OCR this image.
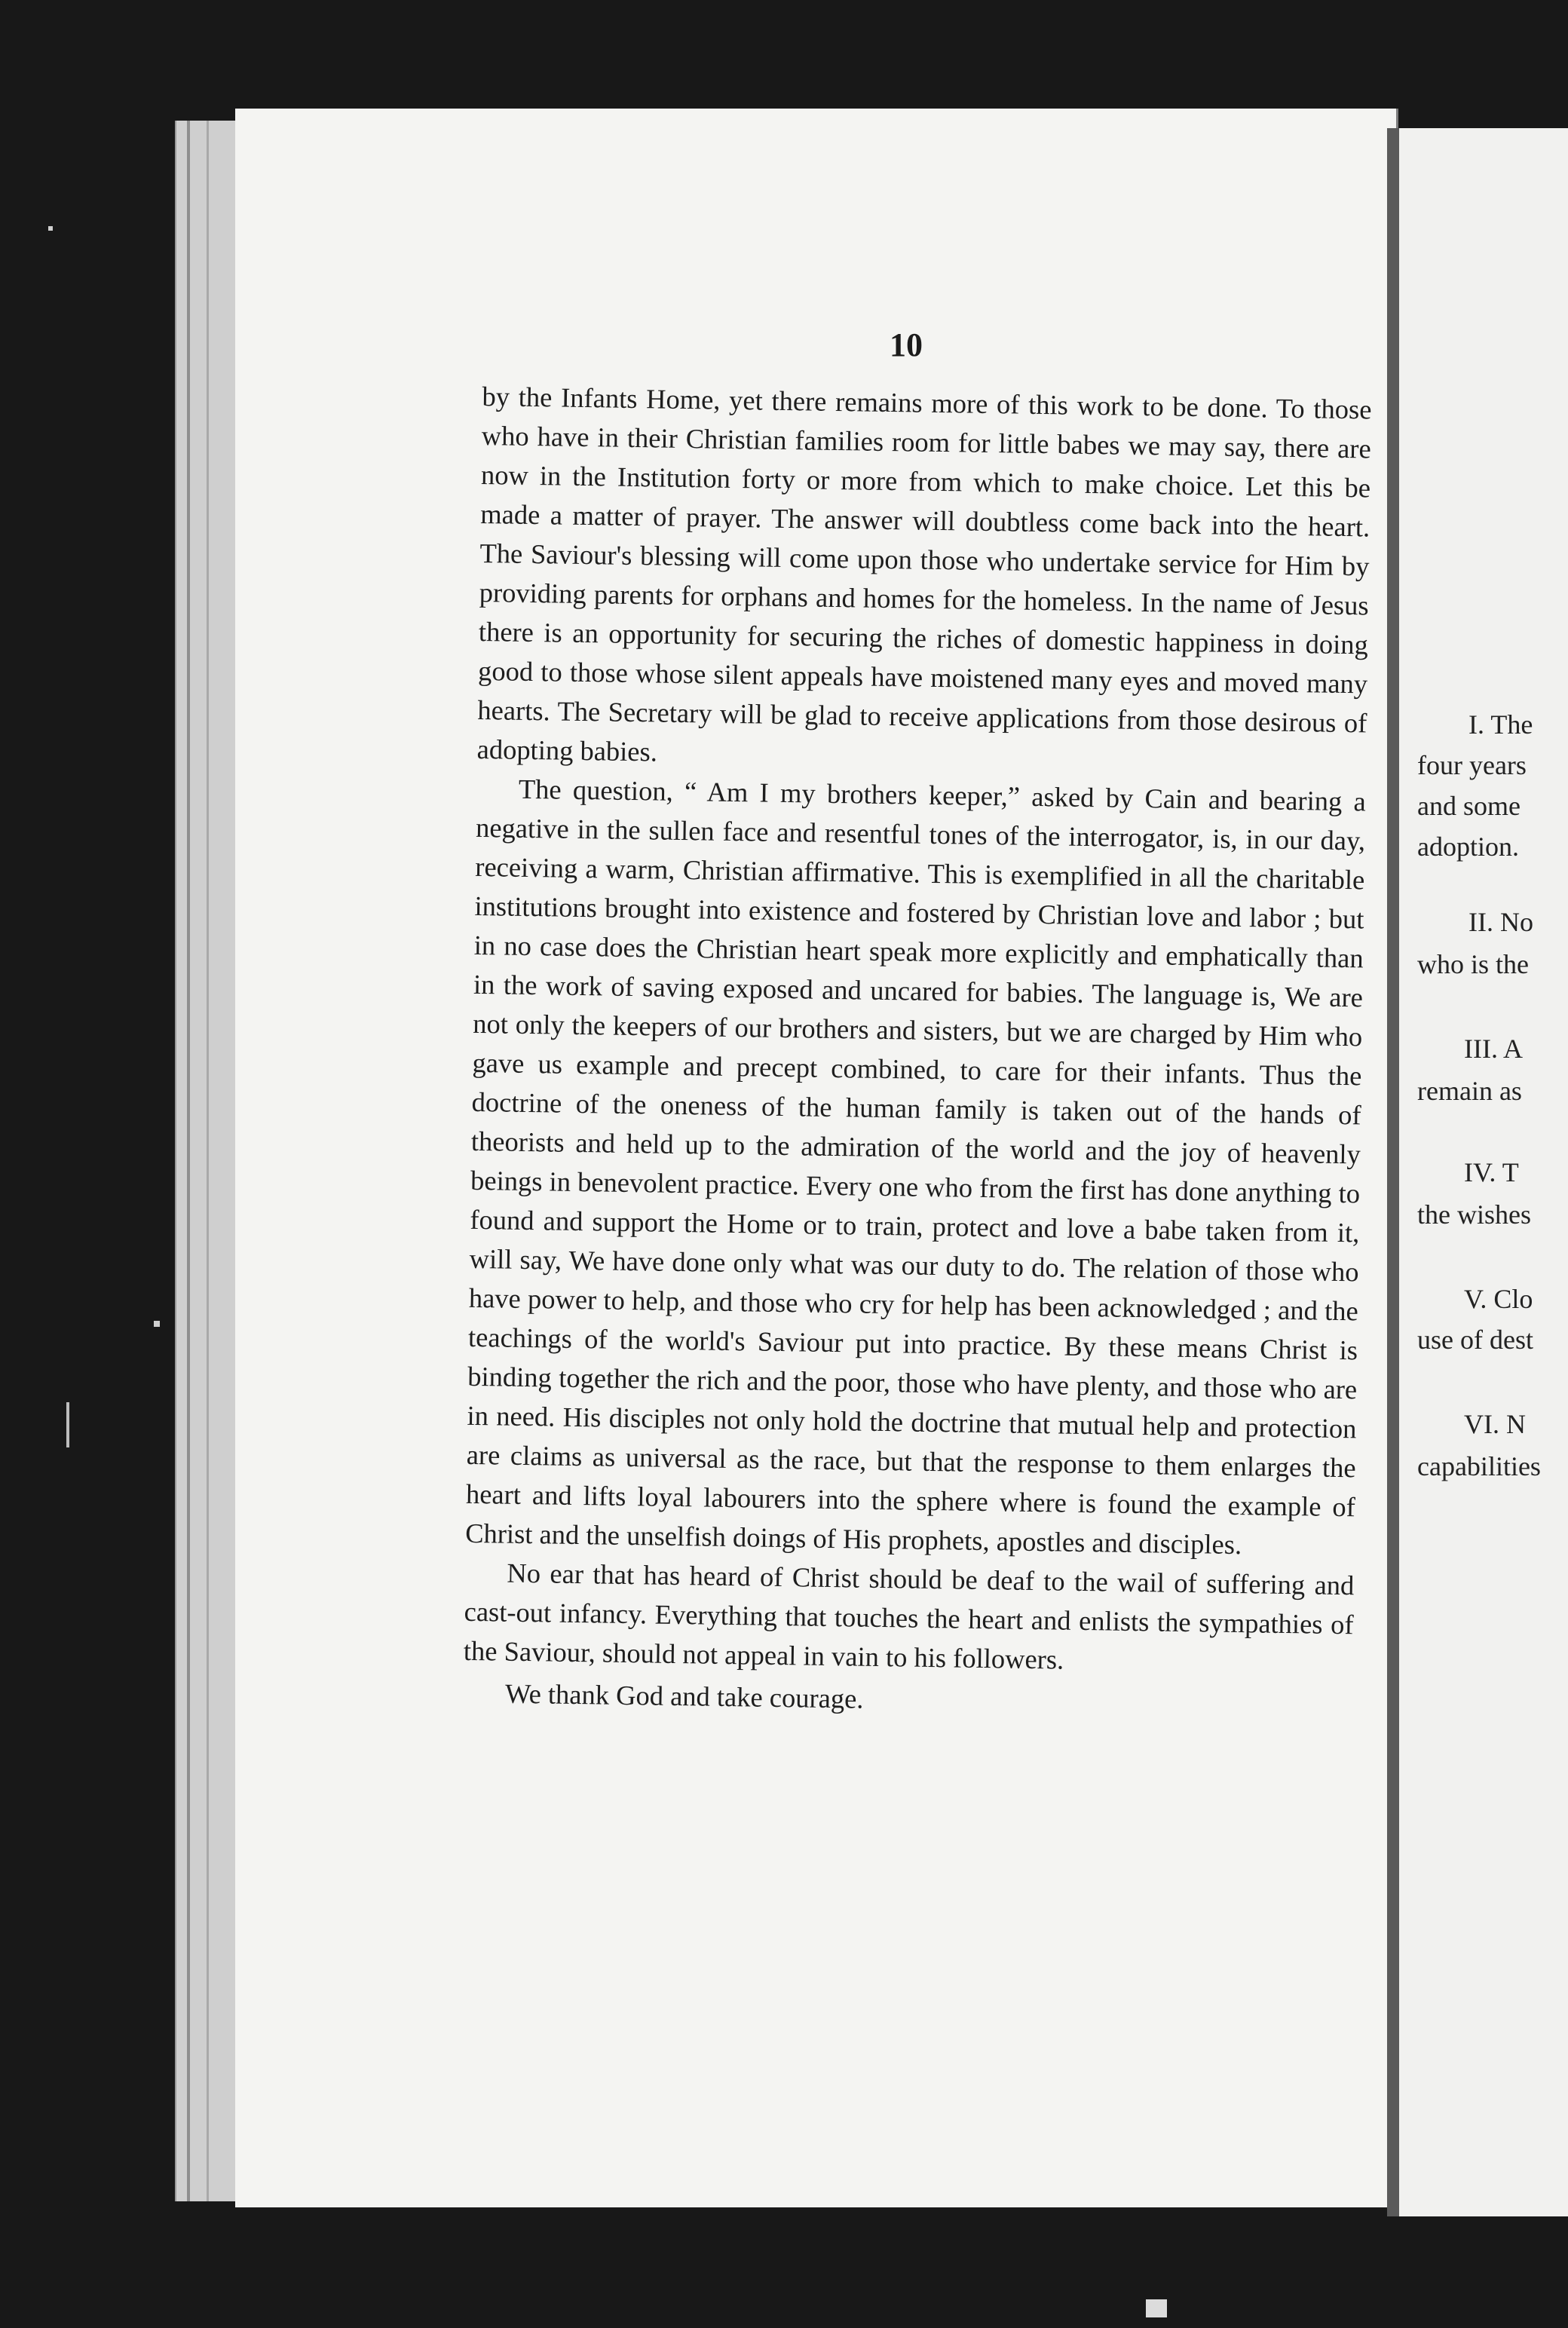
10

by the Infants Home, yet there remains more of this work to be done. To those who have in their Christian families room for little babes we may say, there are now in the Institution forty or more from which to make choice. Let this be made a matter of prayer. The answer will doubtless come back into the heart. The Saviour's blessing will come upon those who undertake service for Him by providing parents for orphans and homes for the homeless. In the name of Jesus there is an opportunity for securing the riches of domestic happiness in doing good to those whose silent appeals have moistened many eyes and moved many hearts. The Secretary will be glad to receive applications from those desirous of adopting babies.

The question, “ Am I my brothers keeper,” asked by Cain and bearing a negative in the sullen face and resentful tones of the interrogator, is, in our day, receiving a warm, Christian affirmative. This is exemplified in all the charitable institutions brought into existence and fostered by Christian love and labor ; but in no case does the Christian heart speak more explicitly and emphatically than in the work of saving exposed and uncared for babies. The language is, We are not only the keepers of our brothers and sisters, but we are charged by Him who gave us example and precept combined, to care for their infants. Thus the doctrine of the oneness of the human family is taken out of the hands of theorists and held up to the admiration of the world and the joy of heavenly beings in benevolent practice. Every one who from the first has done anything to found and support the Home or to train, protect and love a babe taken from it, will say, We have done only what was our duty to do. The relation of those who have power to help, and those who cry for help has been acknowledged ; and the teachings of the world's Saviour put into practice. By these means Christ is binding together the rich and the poor, those who have plenty, and those who are in need. His disciples not only hold the doctrine that mutual help and protection are claims as universal as the race, but that the response to them enlarges the heart and lifts loyal labourers into the sphere where is found the example of Christ and the unselfish doings of His prophets, apostles and disciples.

No ear that has heard of Christ should be deaf to the wail of suffering and cast-out infancy. Everything that touches the heart and enlists the sympathies of the Saviour, should not appeal in vain to his followers.

We thank God and take courage.

I. The
four years
and some
adoption.
II. No
who is the
III. A
remain as
IV. T
the wishes
V. Clo
use of dest
VI. N
capabilities
